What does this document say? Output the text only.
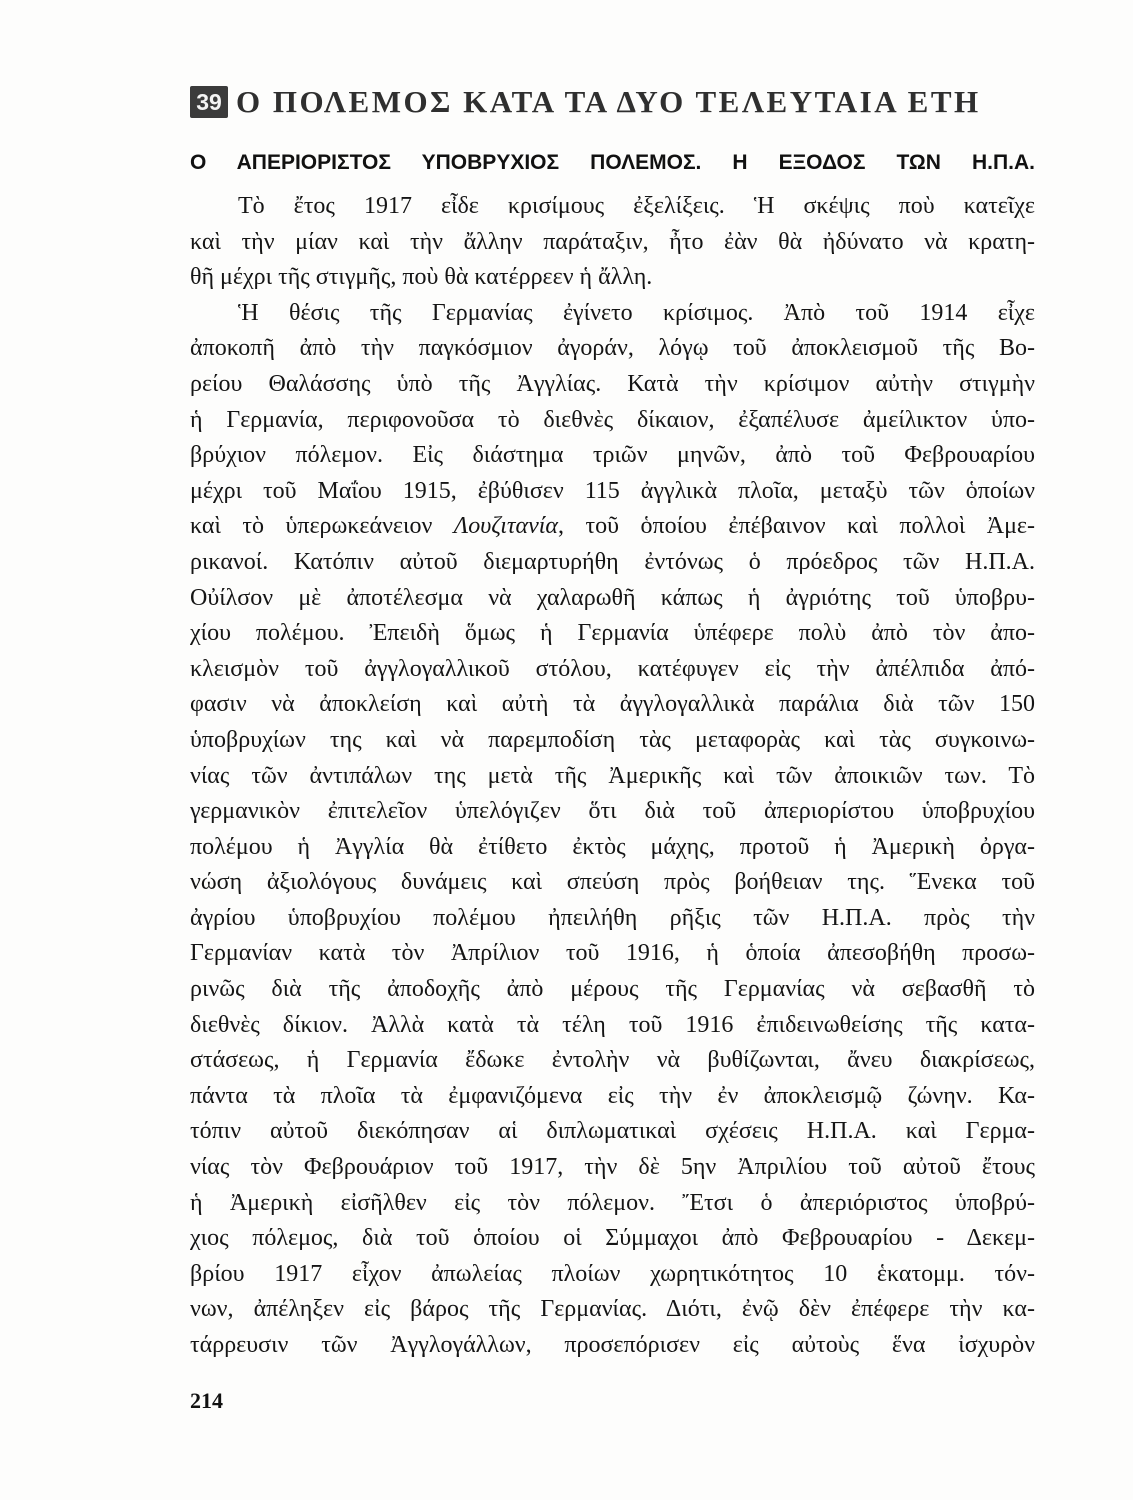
39 Ο ΠΟΛΕΜΟΣ ΚΑΤΑ ΤΑ ΔΥΟ ΤΕΛΕΥΤΑΙΑ ΕΤΗ
Ο ΑΠΕΡΙΟΡΙΣΤΟΣ ΥΠΟΒΡΥΧΙΟΣ ΠΟΛΕΜΟΣ. Η ΕΞΟΔΟΣ ΤΩΝ Η.Π.Α.
Τὸ ἔτος 1917 εἶδε κρισίμους ἐξελίξεις. Ἡ σκέψις ποὺ κατεῖχε
καὶ τὴν μίαν καὶ τὴν ἄλλην παράταξιν, ἦτο ἐὰν θὰ ἠδύνατο νὰ κρατη-
θῆ μέχρι τῆς στιγμῆς, ποὺ θὰ κατέρρεεν ἡ ἄλλη.
Ἡ θέσις τῆς Γερμανίας ἐγίνετο κρίσιμος. Ἀπὸ τοῦ 1914 εἶχε
ἀποκοπῆ ἀπὸ τὴν παγκόσμιον ἀγοράν, λόγῳ τοῦ ἀποκλεισμοῦ τῆς Βο-
ρείου Θαλάσσης ὑπὸ τῆς Ἀγγλίας. Κατὰ τὴν κρίσιμον αὐτὴν στιγμὴν
ἡ Γερμανία, περιφονοῦσα τὸ διεθνὲς δίκαιον, ἐξαπέλυσε ἀμείλικτον ὑπο-
βρύχιον πόλεμον. Εἰς διάστημα τριῶν μηνῶν, ἀπὸ τοῦ Φεβρουαρίου
μέχρι τοῦ Μαΐου 1915, ἐβύθισεν 115 ἀγγλικὰ πλοῖα, μεταξὺ τῶν ὁποίων
καὶ τὸ ὑπερωκεάνειον Λουζιτανία, τοῦ ὁποίου ἐπέβαινον καὶ πολλοὶ Ἀμε-
ρικανοί. Κατόπιν αὐτοῦ διεμαρτυρήθη ἐντόνως ὁ πρόεδρος τῶν Η.Π.Α.
Οὐίλσον μὲ ἀποτέλεσμα νὰ χαλαρωθῆ κάπως ἡ ἀγριότης τοῦ ὑποβρυ-
χίου πολέμου. Ἐπειδὴ ὅμως ἡ Γερμανία ὑπέφερε πολὺ ἀπὸ τὸν ἀπο-
κλεισμὸν τοῦ ἀγγλογαλλικοῦ στόλου, κατέφυγεν εἰς τὴν ἀπέλπιδα ἀπό-
φασιν νὰ ἀποκλείση καὶ αὐτὴ τὰ ἀγγλογαλλικὰ παράλια διὰ τῶν 150
ὑποβρυχίων της καὶ νὰ παρεμποδίση τὰς μεταφορὰς καὶ τὰς συγκοινω-
νίας τῶν ἀντιπάλων της μετὰ τῆς Ἀμερικῆς καὶ τῶν ἀποικιῶν των. Τὸ
γερμανικὸν ἐπιτελεῖον ὑπελόγιζεν ὅτι διὰ τοῦ ἀπεριορίστου ὑποβρυχίου
πολέμου ἡ Ἀγγλία θὰ ἐτίθετο ἐκτὸς μάχης, προτοῦ ἡ Ἀμερικὴ ὀργα-
νώση ἀξιολόγους δυνάμεις καὶ σπεύση πρὸς βοήθειαν της. Ἕνεκα τοῦ
ἀγρίου ὑποβρυχίου πολέμου ἠπειλήθη ρῆξις τῶν Η.Π.Α. πρὸς τὴν
Γερμανίαν κατὰ τὸν Ἀπρίλιον τοῦ 1916, ἡ ὁποία ἀπεσοβήθη προσω-
ρινῶς διὰ τῆς ἀποδοχῆς ἀπὸ μέρους τῆς Γερμανίας νὰ σεβασθῆ τὸ
διεθνὲς δίκιον. Ἀλλὰ κατὰ τὰ τέλη τοῦ 1916 ἐπιδεινωθείσης τῆς κατα-
στάσεως, ἡ Γερμανία ἔδωκε ἐντολὴν νὰ βυθίζωνται, ἄνευ διακρίσεως,
πάντα τὰ πλοῖα τὰ ἐμφανιζόμενα εἰς τὴν ἐν ἀποκλεισμῷ ζώνην. Κα-
τόπιν αὐτοῦ διεκόπησαν αἱ διπλωματικαὶ σχέσεις Η.Π.Α. καὶ Γερμα-
νίας τὸν Φεβρουάριον τοῦ 1917, τὴν δὲ 5ην Ἀπριλίου τοῦ αὐτοῦ ἔτους
ἡ Ἀμερικὴ εἰσῆλθεν εἰς τὸν πόλεμον. Ἔτσι ὁ ἀπεριόριστος ὑποβρύ-
χιος πόλεμος, διὰ τοῦ ὁποίου οἱ Σύμμαχοι ἀπὸ Φεβρουαρίου - Δεκεμ-
βρίου 1917 εἶχον ἀπωλείας πλοίων χωρητικότητος 10 ἑκατομμ. τόν-
νων, ἀπέληξεν εἰς βάρος τῆς Γερμανίας. Διότι, ἐνῷ δὲν ἐπέφερε τὴν κα-
τάρρευσιν τῶν Ἀγγλογάλλων, προσεπόρισεν εἰς αὐτοὺς ἕνα ἰσχυρὸν
214
